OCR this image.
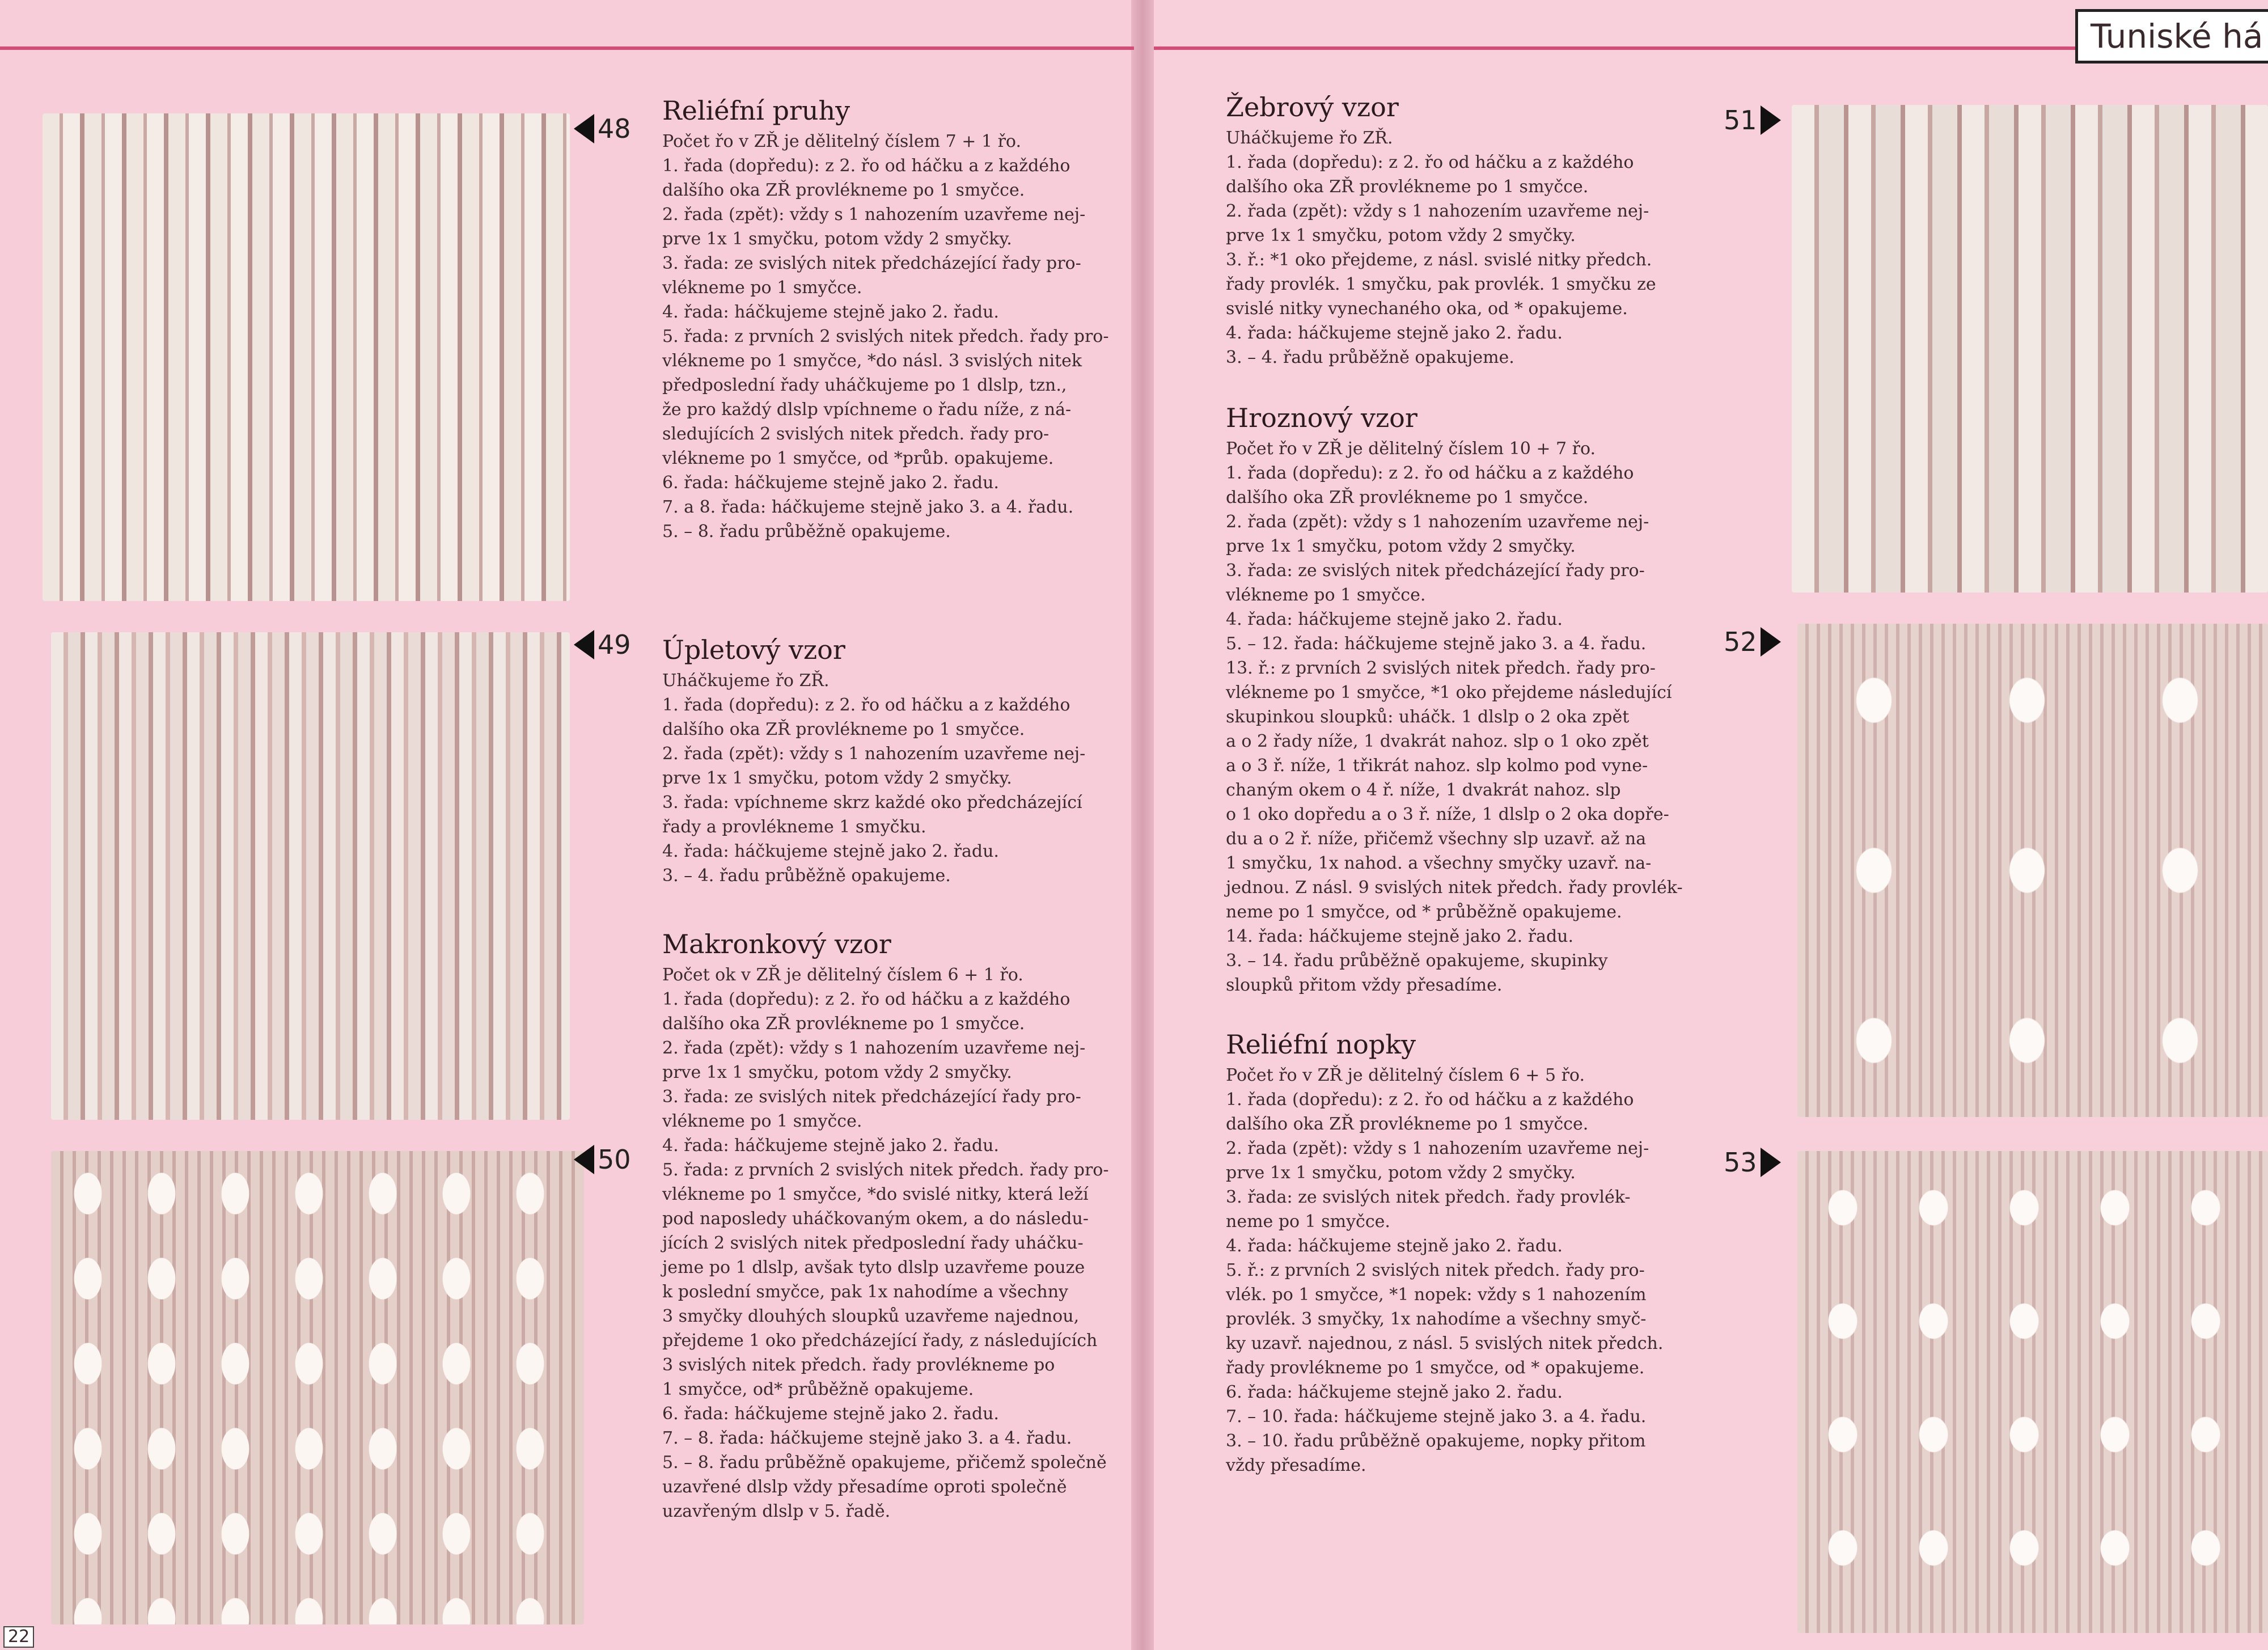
Tuniské há
48
49
50
51
52
53
Reliéfní pruhy

Počet řo v ZŘ je dělitelný číslem 7 + 1 řo.

1. řada (dopředu): z 2. řo od háčku a z každého

dalšího oka ZŘ provlékneme po 1 smyčce.

2. řada (zpět): vždy s 1 nahozením uzavřeme nej-

prve 1x 1 smyčku, potom vždy 2 smyčky.

3. řada: ze svislých nitek předcházející řady pro-

vlékneme po 1 smyčce.

4. řada: háčkujeme stejně jako 2. řadu.

5. řada: z prvních 2 svislých nitek předch. řady pro-

vlékneme po 1 smyčce, *do násl. 3 svislých nitek

předposlední řady uháčkujeme po 1 dlslp, tzn.,

že pro každý dlslp vpíchneme o řadu níže, z ná-

sledujících 2 svislých nitek předch. řady pro-

vlékneme po 1 smyčce, od *průb. opakujeme.

6. řada: háčkujeme stejně jako 2. řadu.

7. a 8. řada: háčkujeme stejně jako 3. a 4. řadu.

5. – 8. řadu průběžně opakujeme.

Úpletový vzor

Uháčkujeme řo ZŘ.

1. řada (dopředu): z 2. řo od háčku a z každého

dalšího oka ZŘ provlékneme po 1 smyčce.

2. řada (zpět): vždy s 1 nahozením uzavřeme nej-

prve 1x 1 smyčku, potom vždy 2 smyčky.

3. řada: vpíchneme skrz každé oko předcházející

řady a provlékneme 1 smyčku.

4. řada: háčkujeme stejně jako 2. řadu.

3. – 4. řadu průběžně opakujeme.

Makronkový vzor

Počet ok v ZŘ je dělitelný číslem 6 + 1 řo.

1. řada (dopředu): z 2. řo od háčku a z každého

dalšího oka ZŘ provlékneme po 1 smyčce.

2. řada (zpět): vždy s 1 nahozením uzavřeme nej-

prve 1x 1 smyčku, potom vždy 2 smyčky.

3. řada: ze svislých nitek předcházející řady pro-

vlékneme po 1 smyčce.

4. řada: háčkujeme stejně jako 2. řadu.

5. řada: z prvních 2 svislých nitek předch. řady pro-

vlékneme po 1 smyčce, *do svislé nitky, která leží

pod naposledy uháčkovaným okem, a do následu-

jících 2 svislých nitek předposlední řady uháčku-

jeme po 1 dlslp, avšak tyto dlslp uzavřeme pouze

k poslední smyčce, pak 1x nahodíme a všechny

3 smyčky dlouhých sloupků uzavřeme najednou,

přejdeme 1 oko předcházející řady, z následujících

3 svislých nitek předch. řady provlékneme po

1 smyčce, od* průběžně opakujeme.

6. řada: háčkujeme stejně jako 2. řadu.

7. – 8. řada: háčkujeme stejně jako 3. a 4. řadu.

5. – 8. řadu průběžně opakujeme, přičemž společně

uzavřené dlslp vždy přesadíme oproti společně

uzavřeným dlslp v 5. řadě.

Žebrový vzor

Uháčkujeme řo ZŘ.

1. řada (dopředu): z 2. řo od háčku a z každého

dalšího oka ZŘ provlékneme po 1 smyčce.

2. řada (zpět): vždy s 1 nahozením uzavřeme nej-

prve 1x 1 smyčku, potom vždy 2 smyčky.

3. ř.: *1 oko přejdeme, z násl. svislé nitky předch.

řady provlék. 1 smyčku, pak provlék. 1 smyčku ze

svislé nitky vynechaného oka, od * opakujeme.

4. řada: háčkujeme stejně jako 2. řadu.

3. – 4. řadu průběžně opakujeme.

Hroznový vzor

Počet řo v ZŘ je dělitelný číslem 10 + 7 řo.

1. řada (dopředu): z 2. řo od háčku a z každého

dalšího oka ZŘ provlékneme po 1 smyčce.

2. řada (zpět): vždy s 1 nahozením uzavřeme nej-

prve 1x 1 smyčku, potom vždy 2 smyčky.

3. řada: ze svislých nitek předcházející řady pro-

vlékneme po 1 smyčce.

4. řada: háčkujeme stejně jako 2. řadu.

5. – 12. řada: háčkujeme stejně jako 3. a 4. řadu.

13. ř.: z prvních 2 svislých nitek předch. řady pro-

vlékneme po 1 smyčce, *1 oko přejdeme následující

skupinkou sloupků: uháčk. 1 dlslp o 2 oka zpět

a o 2 řady níže, 1 dvakrát nahoz. slp o 1 oko zpět

a o 3 ř. níže, 1 třikrát nahoz. slp kolmo pod vyne-

chaným okem o 4 ř. níže, 1 dvakrát nahoz. slp

o 1 oko dopředu a o 3 ř. níže, 1 dlslp o 2 oka dopře-

du a o 2 ř. níže, přičemž všechny slp uzavř. až na

1 smyčku, 1x nahod. a všechny smyčky uzavř. na-

jednou. Z násl. 9 svislých nitek předch. řady provlék-

neme po 1 smyčce, od * průběžně opakujeme.

14. řada: háčkujeme stejně jako 2. řadu.

3. – 14. řadu průběžně opakujeme, skupinky

sloupků přitom vždy přesadíme.

Reliéfní nopky

Počet řo v ZŘ je dělitelný číslem 6 + 5 řo.

1. řada (dopředu): z 2. řo od háčku a z každého

dalšího oka ZŘ provlékneme po 1 smyčce.

2. řada (zpět): vždy s 1 nahozením uzavřeme nej-

prve 1x 1 smyčku, potom vždy 2 smyčky.

3. řada: ze svislých nitek předch. řady provlék-

neme po 1 smyčce.

4. řada: háčkujeme stejně jako 2. řadu.

5. ř.: z prvních 2 svislých nitek předch. řady pro-

vlék. po 1 smyčce, *1 nopek: vždy s 1 nahozením

provlék. 3 smyčky, 1x nahodíme a všechny smyč-

ky uzavř. najednou, z násl. 5 svislých nitek předch.

řady provlékneme po 1 smyčce, od * opakujeme.

6. řada: háčkujeme stejně jako 2. řadu.

7. – 10. řada: háčkujeme stejně jako 3. a 4. řadu.

3. – 10. řadu průběžně opakujeme, nopky přitom

vždy přesadíme.

22
